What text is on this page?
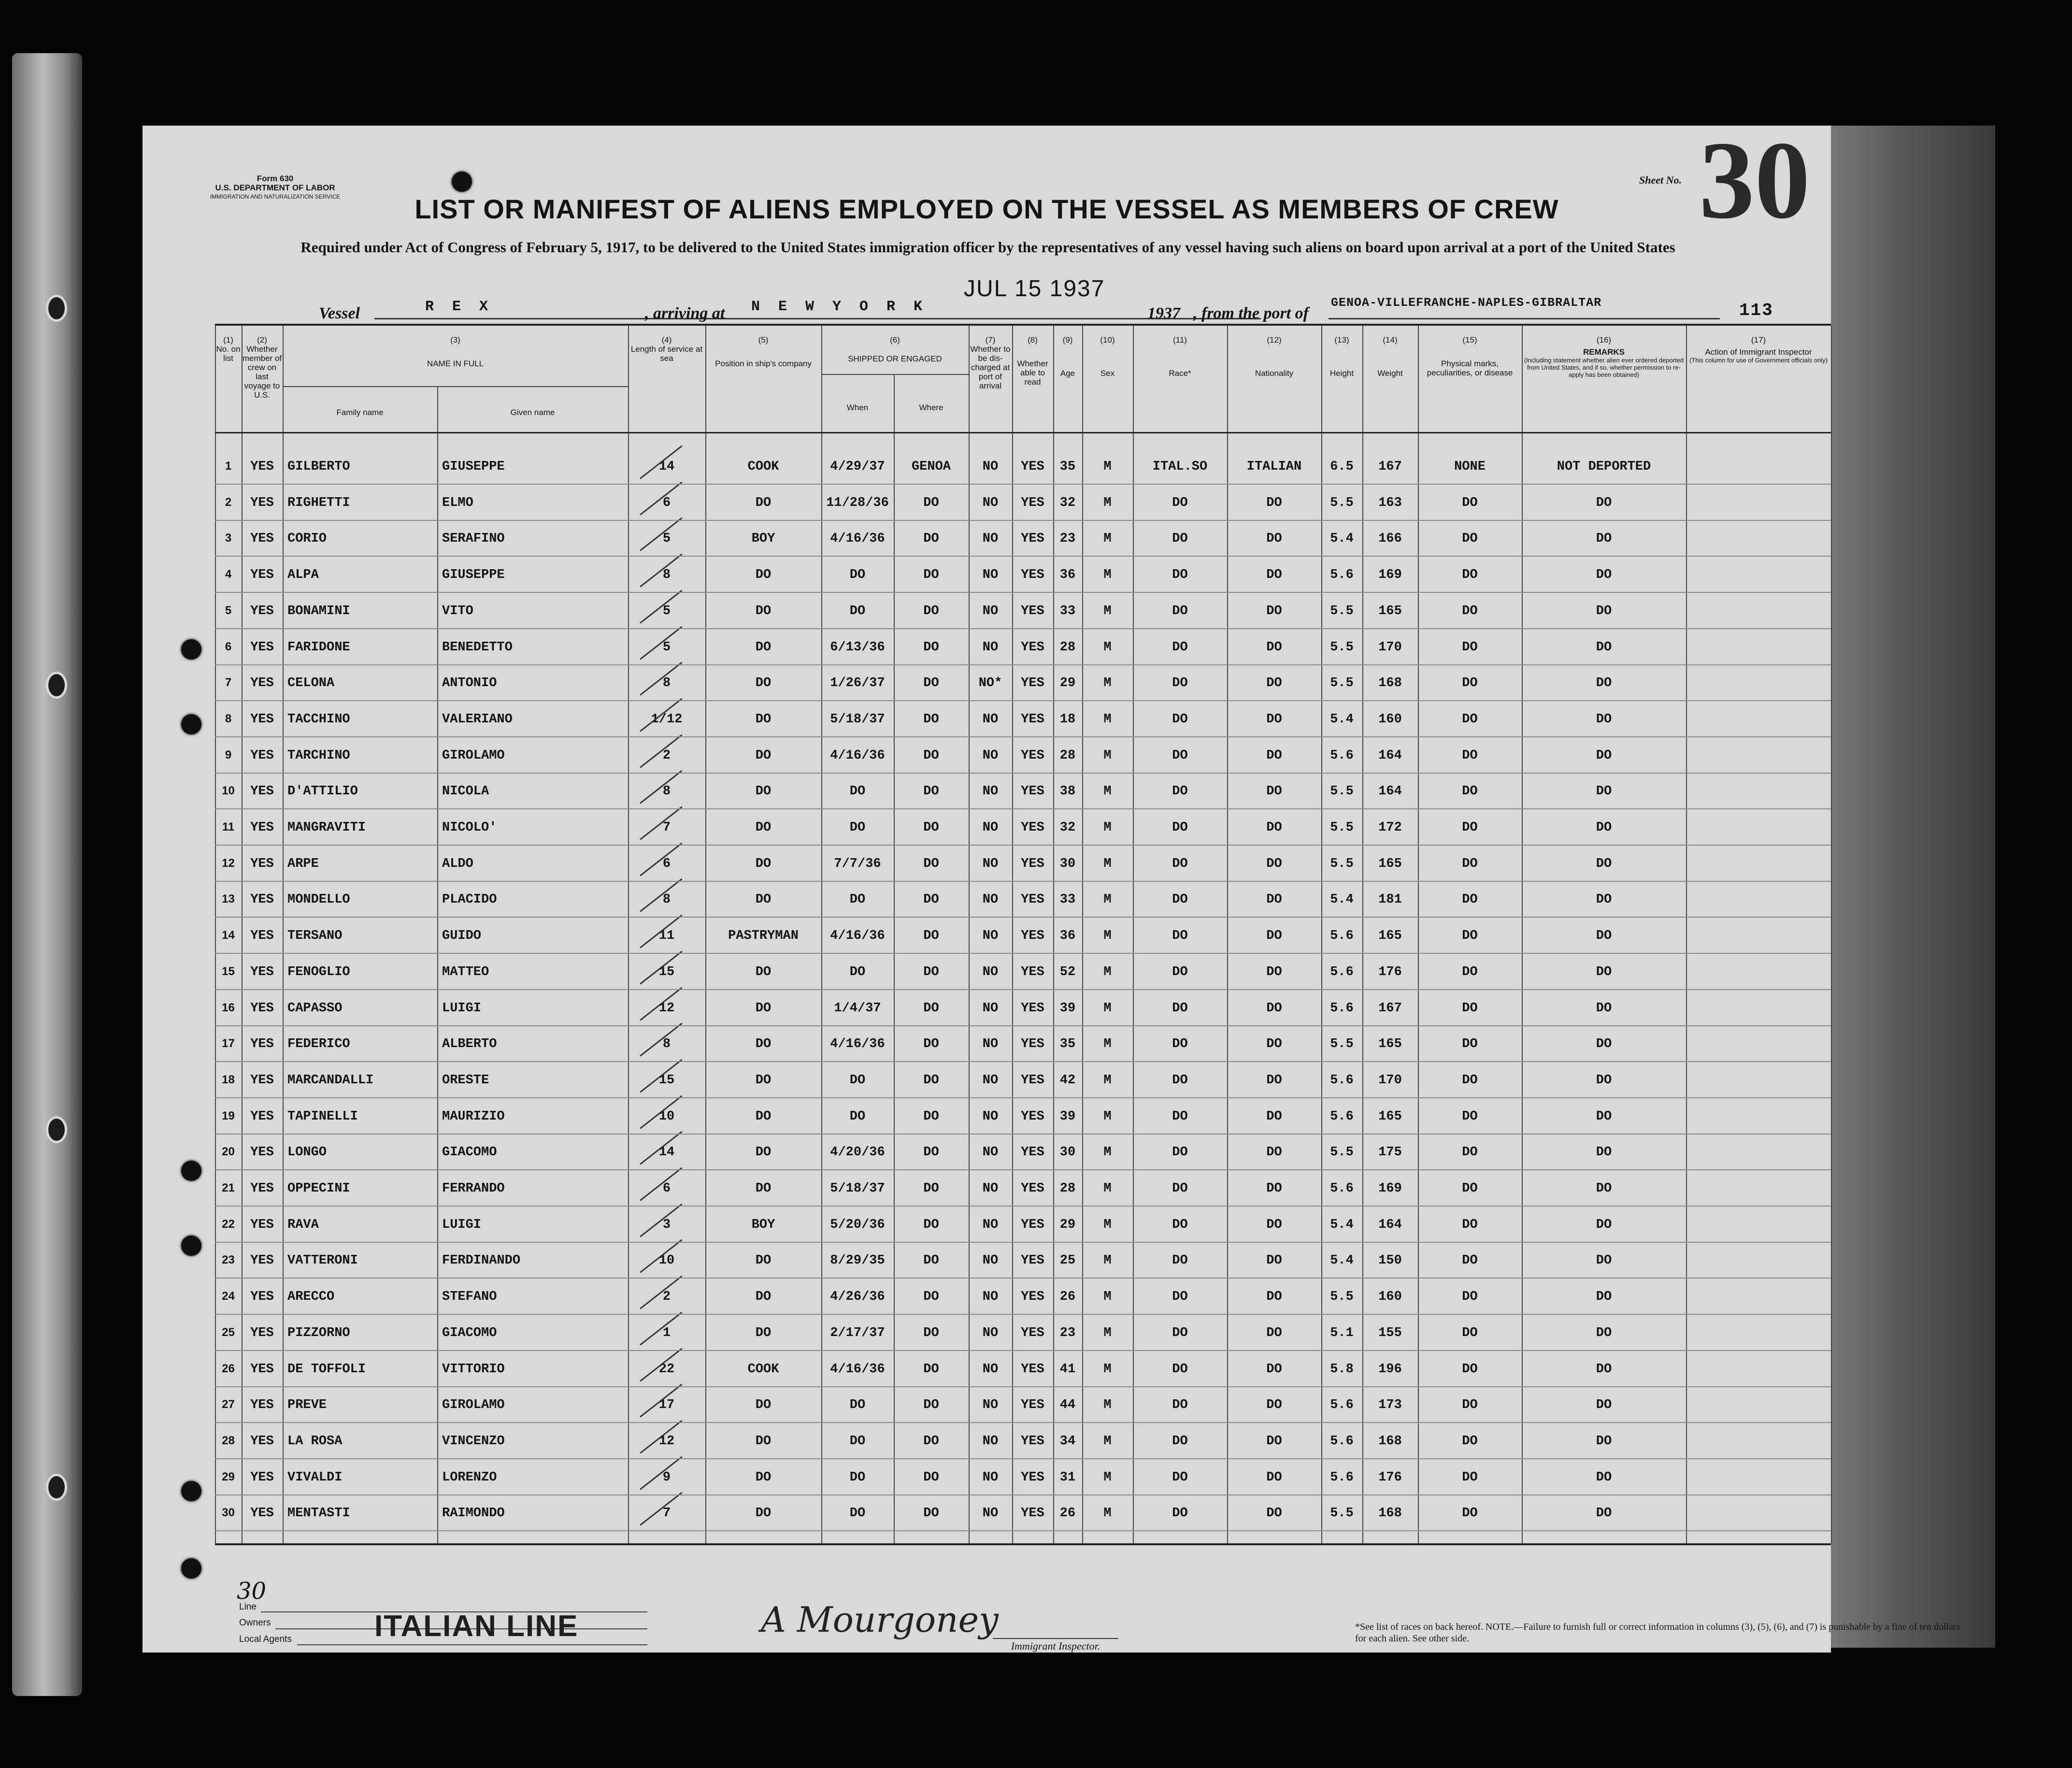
Form 630
U.S. DEPARTMENT OF LABOR
IMMIGRATION AND NATURALIZATION SERVICE
Sheet No. 30
LIST OR MANIFEST OF ALIENS EMPLOYED ON THE VESSEL AS MEMBERS OF CREW
Required under Act of Congress of February 5, 1917, to be delivered to the United States immigration officer by the representatives of any vessel having such aliens on board upon arrival at a port of the United States
Vessel	R E X	, arriving at N E W Y O R K
JUL 15 1937
1937 , from the port of
GENOA-VILLEFRANCHE-NAPLES-GIBRALTAR	113
(1)
No. on list
(2)
Whether member of crew on last voyage to U.S.
(3)
NAME IN FULL
Family name	Given name
(4)
Length of service at sea
(5)
Position in ship's company
(6)
SHIPPED OR ENGAGED
When	Where
(7)
Whether to be dis-charged at port of arrival
(8)
Whether able to read
(9)
Age
(10)
Sex
(11)
Race*
(12)
Nationality
(13)
Height
(14)
Weight
(15)
Physical marks, peculiarities, or disease
(16)
REMARKS
(Including statement whether alien ever ordered deported from United States, and if so, whether permission to re-apply has been obtained)
(17)
Action of Immigrant Inspector
(This column for use of Government officials only)
1	YES	GILBERTO	GIUSEPPE	14	COOK	4/29/37	GENOA	NO	YES	35	M	ITAL.SO	ITALIAN	6.5	167	NONE	NOT DEPORTED
2	YES	RIGHETTI	ELMO	6	DO	11/28/36	DO	NO	YES	32	M	DO	DO	5.5	163	DO	DO
3	YES	CORIO	SERAFINO	5	BOY	4/16/36	DO	NO	YES	23	M	DO	DO	5.4	166	DO	DO
4	YES	ALPA	GIUSEPPE	8	DO	DO	DO	NO	YES	36	M	DO	DO	5.6	169	DO	DO
5	YES	BONAMINI	VITO	5	DO	DO	DO	NO	YES	33	M	DO	DO	5.5	165	DO	DO
6	YES	FARIDONE	BENEDETTO	5	DO	6/13/36	DO	NO	YES	28	M	DO	DO	5.5	170	DO	DO
7	YES	CELONA	ANTONIO	8	DO	1/26/37	DO	NO*	YES	29	M	DO	DO	5.5	168	DO	DO
8	YES	TACCHINO	VALERIANO	1/12	DO	5/18/37	DO	NO	YES	18	M	DO	DO	5.4	160	DO	DO
9	YES	TARCHINO	GIROLAMO	2	DO	4/16/36	DO	NO	YES	28	M	DO	DO	5.6	164	DO	DO
10	YES	D'ATTILIO	NICOLA	8	DO	DO	DO	NO	YES	38	M	DO	DO	5.5	164	DO	DO
11	YES	MANGRAVITI	NICOLO'	7	DO	DO	DO	NO	YES	32	M	DO	DO	5.5	172	DO	DO
12	YES	ARPE	ALDO	6	DO	7/7/36	DO	NO	YES	30	M	DO	DO	5.5	165	DO	DO
13	YES	MONDELLO	PLACIDO	8	DO	DO	DO	NO	YES	33	M	DO	DO	5.4	181	DO	DO
14	YES	TERSANO	GUIDO	11	PASTRYMAN	4/16/36	DO	NO	YES	36	M	DO	DO	5.6	165	DO	DO
15	YES	FENOGLIO	MATTEO	15	DO	DO	DO	NO	YES	52	M	DO	DO	5.6	176	DO	DO
16	YES	CAPASSO	LUIGI	12	DO	1/4/37	DO	NO	YES	39	M	DO	DO	5.6	167	DO	DO
17	YES	FEDERICO	ALBERTO	8	DO	4/16/36	DO	NO	YES	35	M	DO	DO	5.5	165	DO	DO
18	YES	MARCANDALLI	ORESTE	15	DO	DO	DO	NO	YES	42	M	DO	DO	5.6	170	DO	DO
19	YES	TAPINELLI	MAURIZIO	10	DO	DO	DO	NO	YES	39	M	DO	DO	5.6	165	DO	DO
20	YES	LONGO	GIACOMO	14	DO	4/20/36	DO	NO	YES	30	M	DO	DO	5.5	175	DO	DO
21	YES	OPPECINI	FERRANDO	6	DO	5/18/37	DO	NO	YES	28	M	DO	DO	5.6	169	DO	DO
22	YES	RAVA	LUIGI	3	BOY	5/20/36	DO	NO	YES	29	M	DO	DO	5.4	164	DO	DO
23	YES	VATTERONI	FERDINANDO	10	DO	8/29/35	DO	NO	YES	25	M	DO	DO	5.4	150	DO	DO
24	YES	ARECCO	STEFANO	2	DO	4/26/36	DO	NO	YES	26	M	DO	DO	5.5	160	DO	DO
25	YES	PIZZORNO	GIACOMO	1	DO	2/17/37	DO	NO	YES	23	M	DO	DO	5.1	155	DO	DO
26	YES	DE TOFFOLI	VITTORIO	22	COOK	4/16/36	DO	NO	YES	41	M	DO	DO	5.8	196	DO	DO
27	YES	PREVE	GIROLAMO	17	DO	DO	DO	NO	YES	44	M	DO	DO	5.6	173	DO	DO
28	YES	LA ROSA	VINCENZO	12	DO	DO	DO	NO	YES	34	M	DO	DO	5.6	168	DO	DO
29	YES	VIVALDI	LORENZO	9	DO	DO	DO	NO	YES	31	M	DO	DO	5.6	176	DO	DO
30	YES	MENTASTI	RAIMONDO	7	DO	DO	DO	NO	YES	26	M	DO	DO	5.5	168	DO	DO
30
Line
Owners
Local Agents	ITALIAN LINE	A Mourgoney
Immigrant Inspector.
*See list of races on back hereof. NOTE.—Failure to furnish full or correct information in columns (3), (5), (6), and (7) is punishable by a fine of ten dollars for each alien. See other side.
14—1200
